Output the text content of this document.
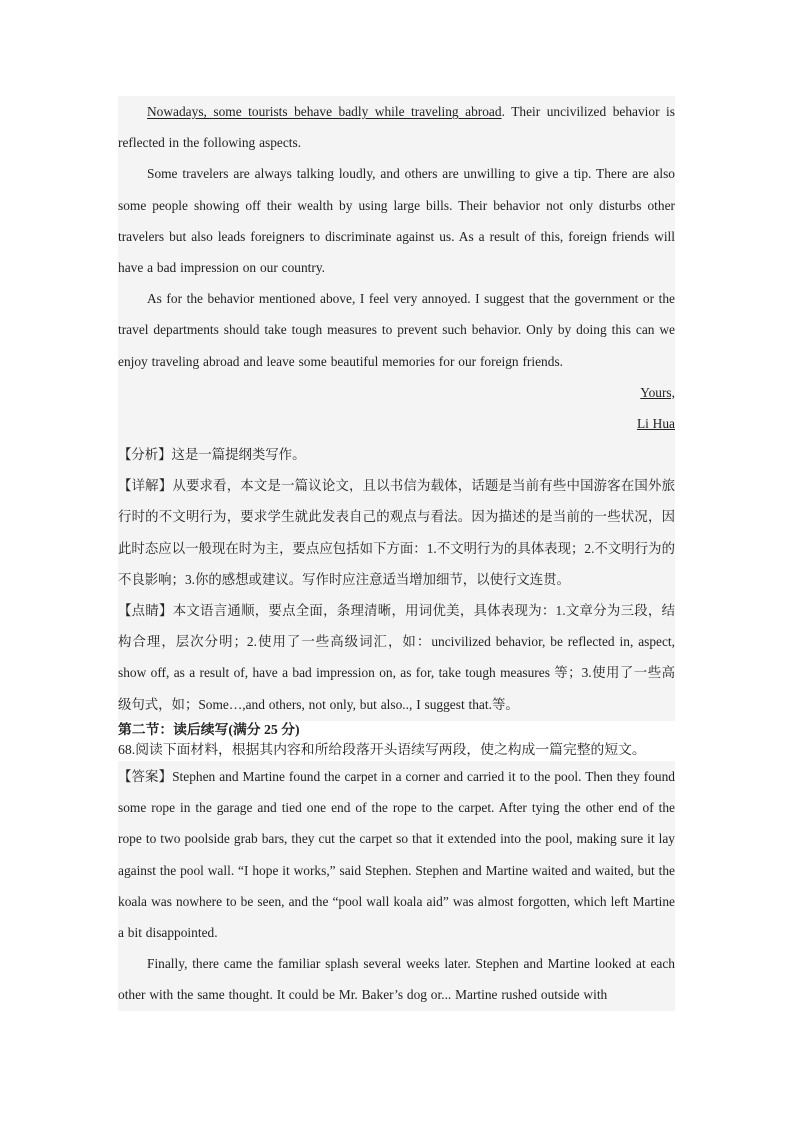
Nowadays, some tourists behave badly while traveling abroad. Their uncivilized behavior is reflected in the following aspects.

Some travelers are always talking loudly, and others are unwilling to give a tip. There are also some people showing off their wealth by using large bills. Their behavior not only disturbs other travelers but also leads foreigners to discriminate against us. As a result of this, foreign friends will have a bad impression on our country.

As for the behavior mentioned above, I feel very annoyed. I suggest that the government or the travel departments should take tough measures to prevent such behavior. Only by doing this can we enjoy traveling abroad and leave some beautiful memories for our foreign friends.

Yours,

Li Hua

【分析】这是一篇提纲类写作。

【详解】从要求看，本文是一篇议论文，且以书信为载体，话题是当前有些中国游客在国外旅行时的不文明行为，要求学生就此发表自己的观点与看法。因为描述的是当前的一些状况，因此时态应以一般现在时为主，要点应包括如下方面：1.不文明行为的具体表现；2.不文明行为的不良影响；3.你的感想或建议。写作时应注意适当增加细节，以使行文连贯。

【点睛】本文语言通顺，要点全面，条理清晰，用词优美，具体表现为：1.文章分为三段，结构合理，层次分明；2.使用了一些高级词汇，如：uncivilized behavior, be reflected in, aspect, show off, as a result of, have a bad impression on, as for, take tough measures 等；3.使用了一些高级句式，如；Some…,and others, not only, but also.., I suggest that.等。

第二节：读后续写(满分 25 分)

68.阅读下面材料，根据其内容和所给段落开头语续写两段，使之构成一篇完整的短文。

【答案】Stephen and Martine found the carpet in a corner and carried it to the pool. Then they found some rope in the garage and tied one end of the rope to the carpet. After tying the other end of the rope to two poolside grab bars, they cut the carpet so that it extended into the pool, making sure it lay against the pool wall. “I hope it works,” said Stephen. Stephen and Martine waited and waited, but the koala was nowhere to be seen, and the “pool wall koala aid” was almost forgotten, which left Martine a bit disappointed.

Finally, there came the familiar splash several weeks later. Stephen and Martine looked at each other with the same thought. It could be Mr. Baker’s dog or... Martine rushed outside with
